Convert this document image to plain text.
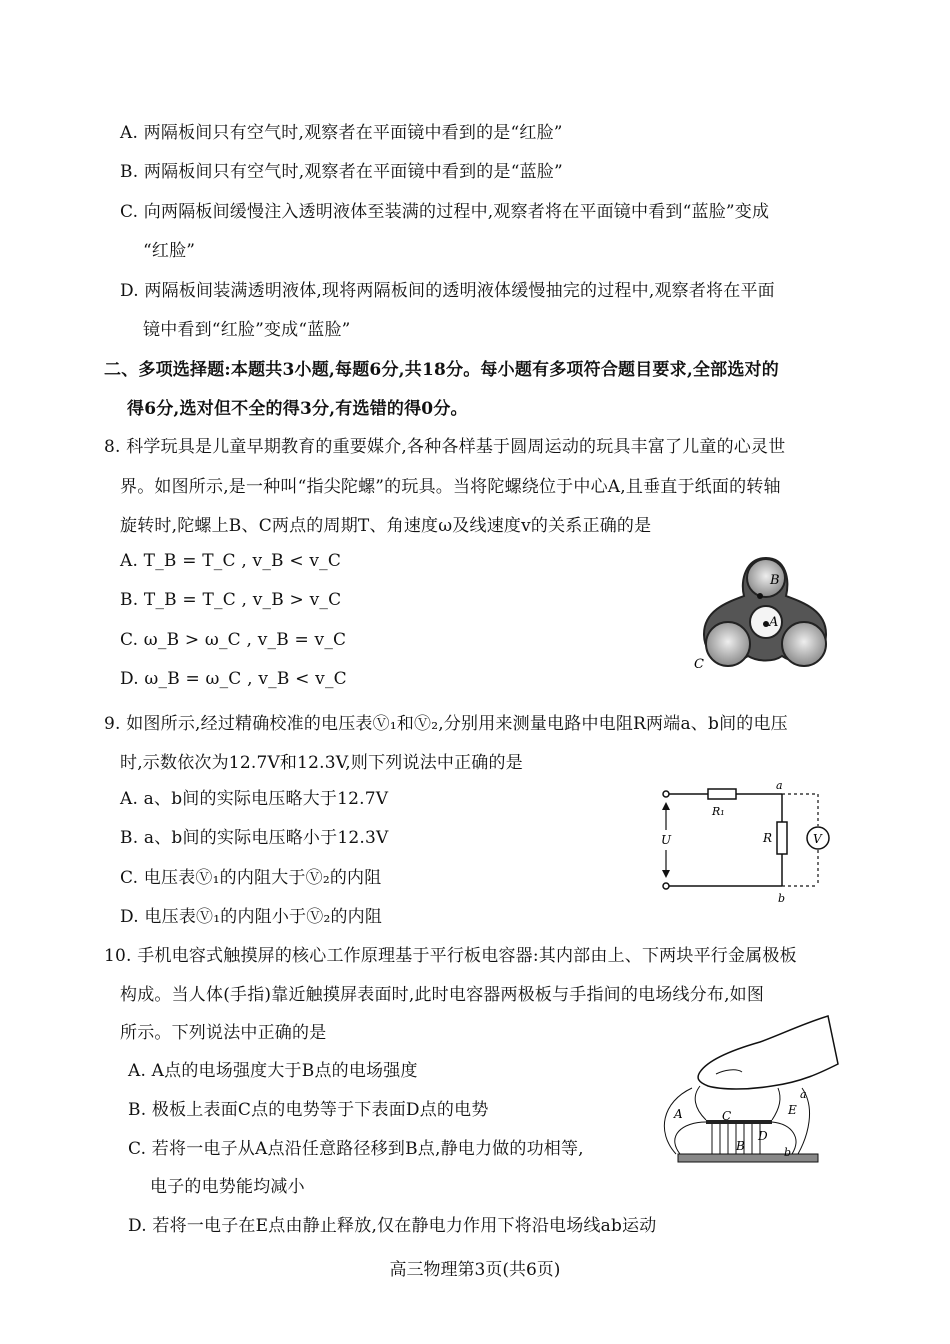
A. 两隔板间只有空气时,观察者在平面镜中看到的是“红脸”
B. 两隔板间只有空气时,观察者在平面镜中看到的是“蓝脸”
C. 向两隔板间缓慢注入透明液体至装满的过程中,观察者将在平面镜中看到“蓝脸”变成
“红脸”
D. 两隔板间装满透明液体,现将两隔板间的透明液体缓慢抽完的过程中,观察者将在平面
镜中看到“红脸”变成“蓝脸”
二、多项选择题:本题共3小题,每题6分,共18分。每小题有多项符合题目要求,全部选对的
得6分,选对但不全的得3分,有选错的得0分。
8. 科学玩具是儿童早期教育的重要媒介,各种各样基于圆周运动的玩具丰富了儿童的心灵世
界。如图所示,是一种叫“指尖陀螺”的玩具。当将陀螺绕位于中心A,且垂直于纸面的转轴
旋转时,陀螺上B、C两点的周期T、角速度ω及线速度v的关系正确的是
A. T_B = T_C , v_B < v_C
B. T_B = T_C , v_B > v_C
C. ω_B > ω_C , v_B = v_C
D. ω_B = ω_C , v_B < v_C
A
B
C
9. 如图所示,经过精确校准的电压表Ⓥ₁和Ⓥ₂,分别用来测量电路中电阻R两端a、b间的电压
时,示数依次为12.7V和12.3V,则下列说法中正确的是
A. a、b间的实际电压略大于12.7V
B. a、b间的实际电压略小于12.3V
C. 电压表Ⓥ₁的内阻大于Ⓥ₂的内阻
D. 电压表Ⓥ₁的内阻小于Ⓥ₂的内阻
V
U
R₁
R
a
b
10. 手机电容式触摸屏的核心工作原理基于平行板电容器:其内部由上、下两块平行金属极板
构成。当人体(手指)靠近触摸屏表面时,此时电容器两极板与手指间的电场线分布,如图
所示。下列说法中正确的是
A. A点的电场强度大于B点的电场强度
B. 极板上表面C点的电势等于下表面D点的电势
C. 若将一电子从A点沿任意路径移到B点,静电力做的功相等,
电子的电势能均减小
D. 若将一电子在E点由静止释放,仅在静电力作用下将沿电场线ab运动
A
B
C
D
E
a
b
高三物理第3页(共6页)
